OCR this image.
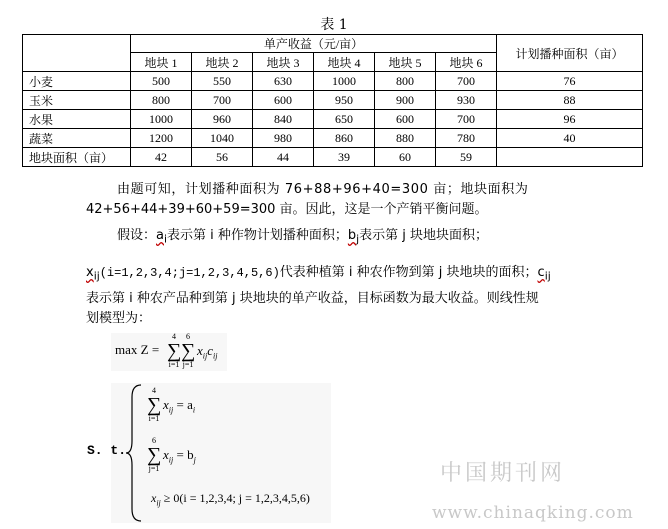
表 1
	单产收益（元/亩）						计划播种面积（亩）
	地块 1	地块 2	地块 3	地块 4	地块 5	地块 6	
小麦	500	550	630	1000	800	700	76
玉米	800	700	600	950	900	930	88
水果	1000	960	840	650	600	700	96
蔬菜	1200	1040	980	860	880	780	40
地块面积（亩）	42	56	44	39	60	59	

由题可知，计划播种面积为 76+88+96+40=300 亩；地块面积为

42+56+44+39+60+59=300 亩。因此，这是一个产销平衡问题。

假设：$a_i$表示第 i 种作物计划播种面积；$b_j$表示第 j 块地块面积；

$x_{ij}(i=1,2,3,4;j=1,2,3,4,5,6)$代表种植第 i 种农作物到第 j 块地块的面积；$c_{ij}$

表示第 i 种农产品种到第 j 块地块的单产收益，目标函数为最大收益。则线性规

划模型为：

max Z =
4
∑
i=1
6
∑
j=1
$x_{ij}c_{ij}$
S. t.
4
∑
i=1
$x_{ij} = a_i$
6
∑
j=1
$x_{ij} = b_j$
$x_{ij} \ge 0(i = 1,2,3,4$; j = 1,2,3,4,5,6)
中国期刊网
www.chinaqking.com
